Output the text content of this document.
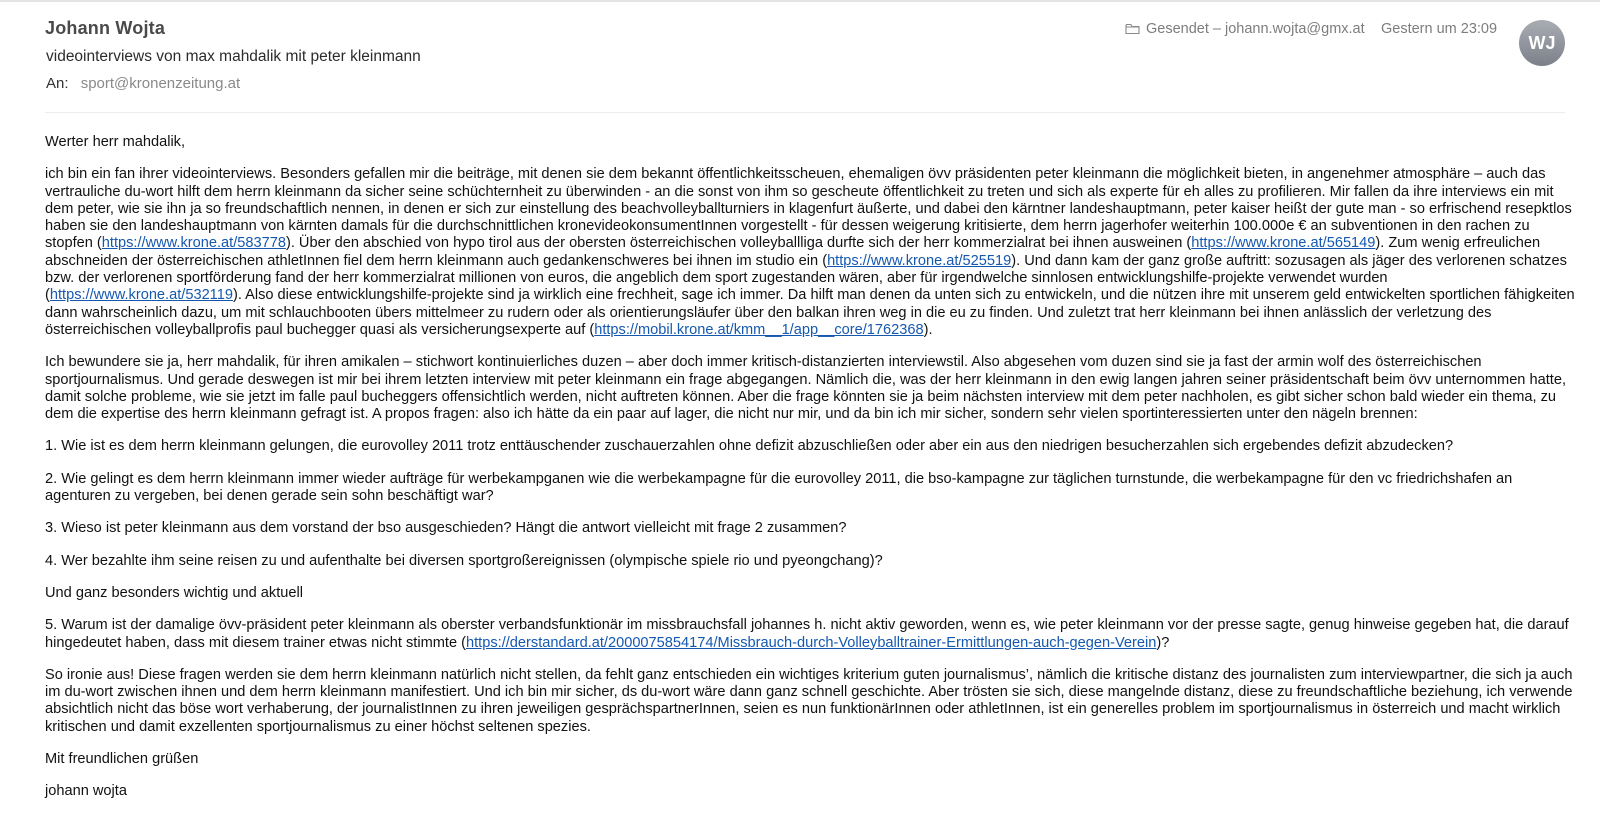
Johann Wojta
videointerviews von max mahdalik mit peter kleinmann
An: sport@kronenzeitung.at
Gesendet – johann.wojta@gmx.at Gestern um 23:09
WJ

Werter herr mahdalik,

ich bin ein fan ihrer videointerviews. Besonders gefallen mir die beiträge, mit denen sie dem bekannt öffentlichkeitsscheuen, ehemaligen övv präsidenten peter kleinmann die möglichkeit bieten, in angenehmer atmosphäre – auch das vertrauliche du-wort hilft dem herrn kleinmann da sicher seine schüchternheit zu überwinden - an die sonst von ihm so gescheute öffentlichkeit zu treten und sich als experte für eh alles zu profilieren. Mir fallen da ihre interviews ein mit dem peter, wie sie ihn ja so freundschaftlich nennen, in denen er sich zur einstellung des beachvolleyballturniers in klagenfurt äußerte, und dabei den kärntner landeshauptmann, peter kaiser heißt der gute man - so erfrischend resepktlos haben sie den landeshauptmann von kärnten damals für die durchschnittlichen kronevideokonsumentInnen vorgestellt - für dessen weigerung kritisierte, dem herrn jagerhofer weiterhin 100.000e € an subventionen in den rachen zu stopfen (https://www.krone.at/583778). Über den abschied von hypo tirol aus der obersten österreichischen volleyballliga durfte sich der herr kommerzialrat bei ihnen ausweinen (https://www.krone.at/565149). Zum wenig erfreulichen abschneiden der österreichischen athletInnen fiel dem herrn kleinmann auch gedankenschweres bei ihnen im studio ein (https://www.krone.at/525519). Und dann kam der ganz große auftritt: sozusagen als jäger des verlorenen schatzes bzw. der verlorenen sportförderung fand der herr kommerzialrat millionen von euros, die angeblich dem sport zugestanden wären, aber für irgendwelche sinnlosen entwicklungshilfe-projekte verwendet wurden (https://www.krone.at/532119). Also diese entwicklungshilfe-projekte sind ja wirklich eine frechheit, sage ich immer. Da hilft man denen da unten sich zu entwickeln, und die nützen ihre mit unserem geld entwickelten sportlichen fähigkeiten dann wahrscheinlich dazu, um mit schlauchbooten übers mittelmeer zu rudern oder als orientierungsläufer über den balkan ihren weg in die eu zu finden. Und zuletzt trat herr kleinmann bei ihnen anlässlich der verletzung des österreichischen volleyballprofis paul buchegger quasi als versicherungsexperte auf (https://mobil.krone.at/kmm__1/app__core/1762368).

Ich bewundere sie ja, herr mahdalik, für ihren amikalen – stichwort kontinuierliches duzen – aber doch immer kritisch-distanzierten interviewstil. Also abgesehen vom duzen sind sie ja fast der armin wolf des österreichischen sportjournalismus. Und gerade deswegen ist mir bei ihrem letzten interview mit peter kleinmann ein frage abgegangen. Nämlich die, was der herr kleinmann in den ewig langen jahren seiner präsidentschaft beim övv unternommen hatte, damit solche probleme, wie sie jetzt im falle paul bucheggers offensichtlich werden, nicht auftreten können. Aber die frage könnten sie ja beim nächsten interview mit dem peter nachholen, es gibt sicher schon bald wieder ein thema, zu dem die expertise des herrn kleinmann gefragt ist. A propos fragen: also ich hätte da ein paar auf lager, die nicht nur mir, und da bin ich mir sicher, sondern sehr vielen sportinteressierten unter den nägeln brennen:

1. Wie ist es dem herrn kleinmann gelungen, die eurovolley 2011 trotz enttäuschender zuschauerzahlen ohne defizit abzuschließen oder aber ein aus den niedrigen besucherzahlen sich ergebendes defizit abzudecken?

2. Wie gelingt es dem herrn kleinmann immer wieder aufträge für werbekampganen wie die werbekampagne für die eurovolley 2011, die bso-kampagne zur täglichen turnstunde, die werbekampagne für den vc friedrichshafen an agenturen zu vergeben, bei denen gerade sein sohn beschäftigt war?

3. Wieso ist peter kleinmann aus dem vorstand der bso ausgeschieden? Hängt die antwort vielleicht mit frage 2 zusammen?

4. Wer bezahlte ihm seine reisen zu und aufenthalte bei diversen sportgroßereignissen (olympische spiele rio und pyeongchang)?

Und ganz besonders wichtig und aktuell

5. Warum ist der damalige övv-präsident peter kleinmann als oberster verbandsfunktionär im missbrauchsfall johannes h. nicht aktiv geworden, wenn es, wie peter kleinmann vor der presse sagte, genug hinweise gegeben hat, die darauf hingedeutet haben, dass mit diesem trainer etwas nicht stimmte (https://derstandard.at/2000075854174/Missbrauch-durch-Volleyballtrainer-Ermittlungen-auch-gegen-Verein)?

So ironie aus! Diese fragen werden sie dem herrn kleinmann natürlich nicht stellen, da fehlt ganz entschieden ein wichtiges kriterium guten journalismus’, nämlich die kritische distanz des journalisten zum interviewpartner, die sich ja auch im du-wort zwischen ihnen und dem herrn kleinmann manifestiert. Und ich bin mir sicher, ds du-wort wäre dann ganz schnell geschichte. Aber trösten sie sich, diese mangelnde distanz, diese zu freundschaftliche beziehung, ich verwende absichtlich nicht das böse wort verhaberung, der journalistInnen zu ihren jeweiligen gesprächspartnerInnen, seien es nun funktionärInnen oder athletInnen, ist ein generelles problem im sportjournalismus in österreich und macht wirklich kritischen und damit exzellenten sportjournalismus zu einer höchst seltenen spezies.

Mit freundlichen grüßen

johann wojta
